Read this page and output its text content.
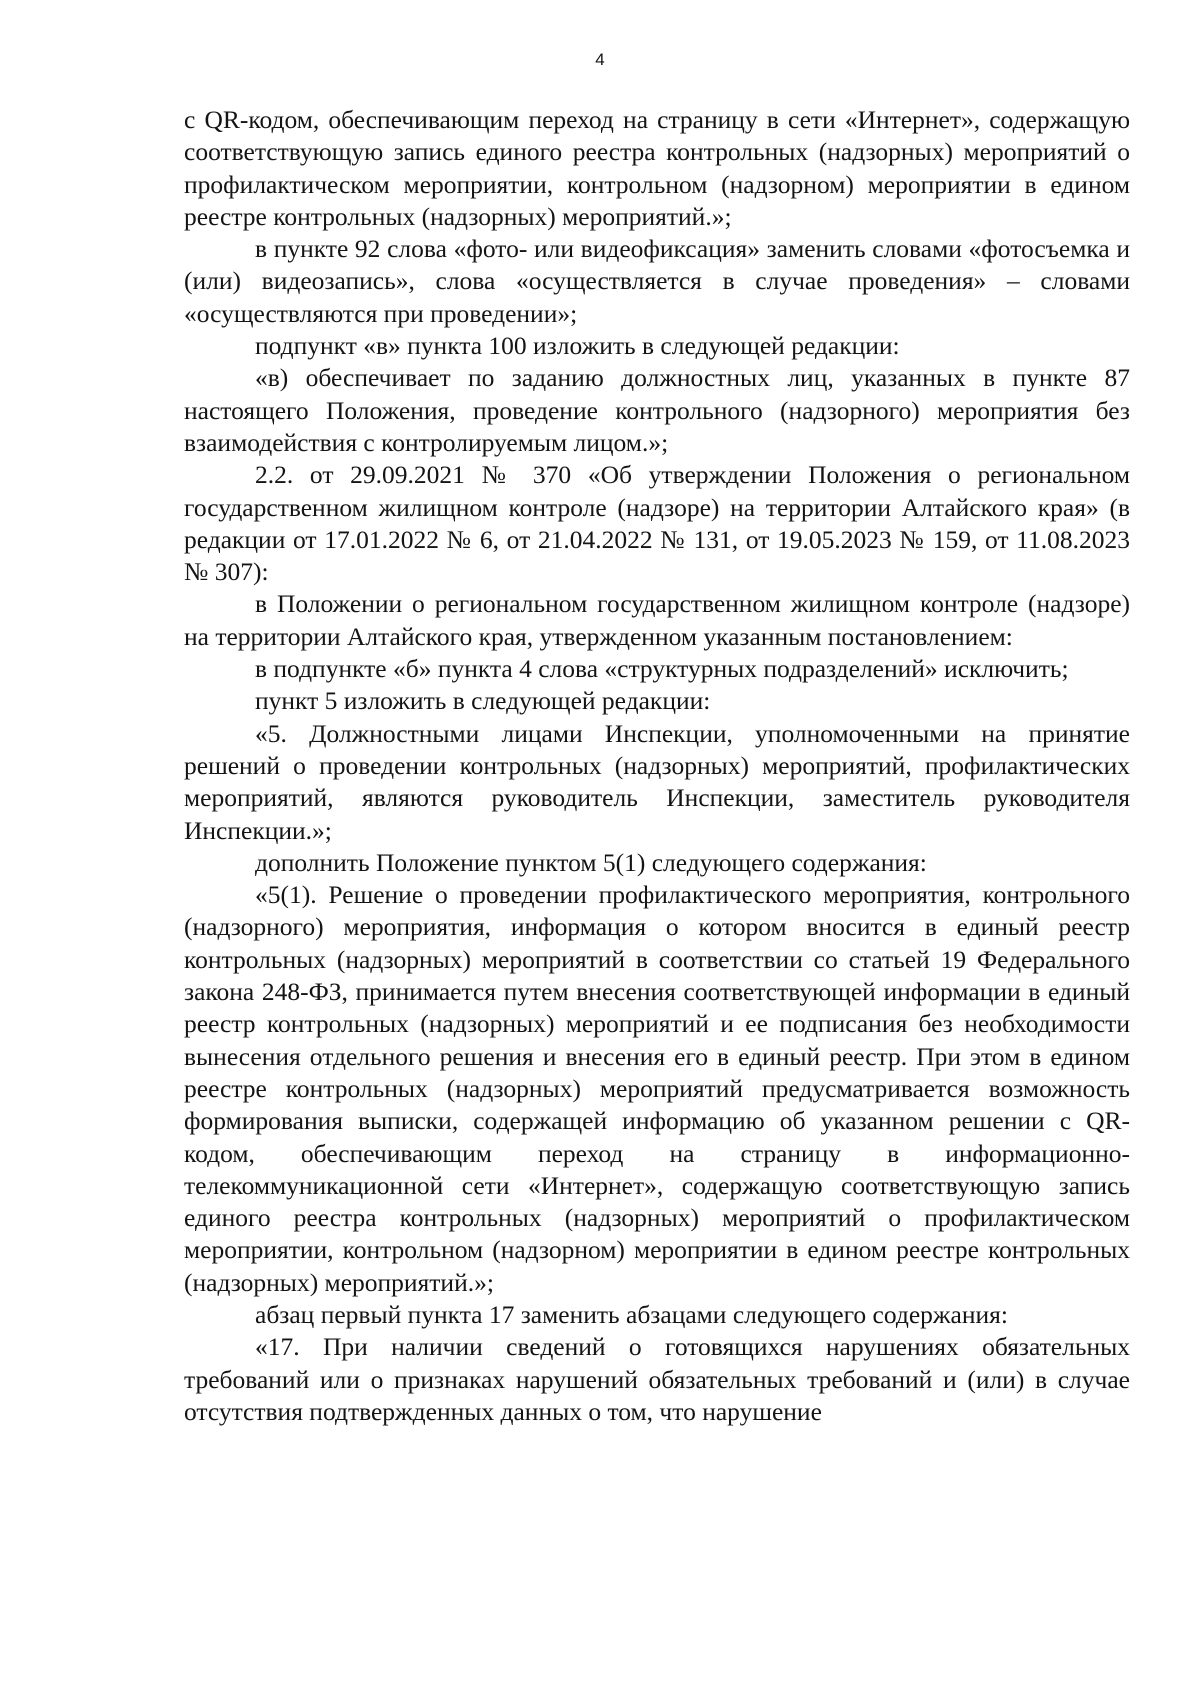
4

с QR-кодом, обеспечивающим переход на страницу в сети «Интернет», содержащую соответствующую запись единого реестра контрольных (надзорных) мероприятий о профилактическом мероприятии, контрольном (надзорном) мероприятии в едином реестре контрольных (надзорных) мероприятий.»;

в пункте 92 слова «фото- или видеофиксация» заменить словами «фотосъемка и (или) видеозапись», слова «осуществляется в случае проведения» – словами «осуществляются при проведении»;

подпункт «в» пункта 100 изложить в следующей редакции:

«в) обеспечивает по заданию должностных лиц, указанных в пункте 87 настоящего Положения, проведение контрольного (надзорного) мероприятия без взаимодействия с контролируемым лицом.»;

2.2. от 29.09.2021 № 370 «Об утверждении Положения о региональном государственном жилищном контроле (надзоре) на территории Алтайского края» (в редакции от 17.01.2022 № 6, от 21.04.2022 № 131, от 19.05.2023 № 159, от 11.08.2023 № 307):

в Положении о региональном государственном жилищном контроле (надзоре) на территории Алтайского края, утвержденном указанным постановлением:

в подпункте «б» пункта 4 слова «структурных подразделений» исключить;

пункт 5 изложить в следующей редакции:

«5. Должностными лицами Инспекции, уполномоченными на принятие решений о проведении контрольных (надзорных) мероприятий, профилактических мероприятий, являются руководитель Инспекции, заместитель руководителя Инспекции.»;

дополнить Положение пунктом 5(1) следующего содержания:

«5(1). Решение о проведении профилактического мероприятия, контрольного (надзорного) мероприятия, информация о котором вносится в единый реестр контрольных (надзорных) мероприятий в соответствии со статьей 19 Федерального закона 248-ФЗ, принимается путем внесения соответствующей информации в единый реестр контрольных (надзорных) мероприятий и ее подписания без необходимости вынесения отдельного решения и внесения его в единый реестр. При этом в едином реестре контрольных (надзорных) мероприятий предусматривается возможность формирования выписки, содержащей информацию об указанном решении с QR-кодом, обеспечивающим переход на страницу в информационно-телекоммуникационной сети «Интернет», содержащую соответствующую запись единого реестра контрольных (надзорных) мероприятий о профилактическом мероприятии, контрольном (надзорном) мероприятии в едином реестре контрольных (надзорных) мероприятий.»;

абзац первый пункта 17 заменить абзацами следующего содержания:

«17. При наличии сведений о готовящихся нарушениях обязательных требований или о признаках нарушений обязательных требований и (или) в случае отсутствия подтвержденных данных о том, что нарушение
